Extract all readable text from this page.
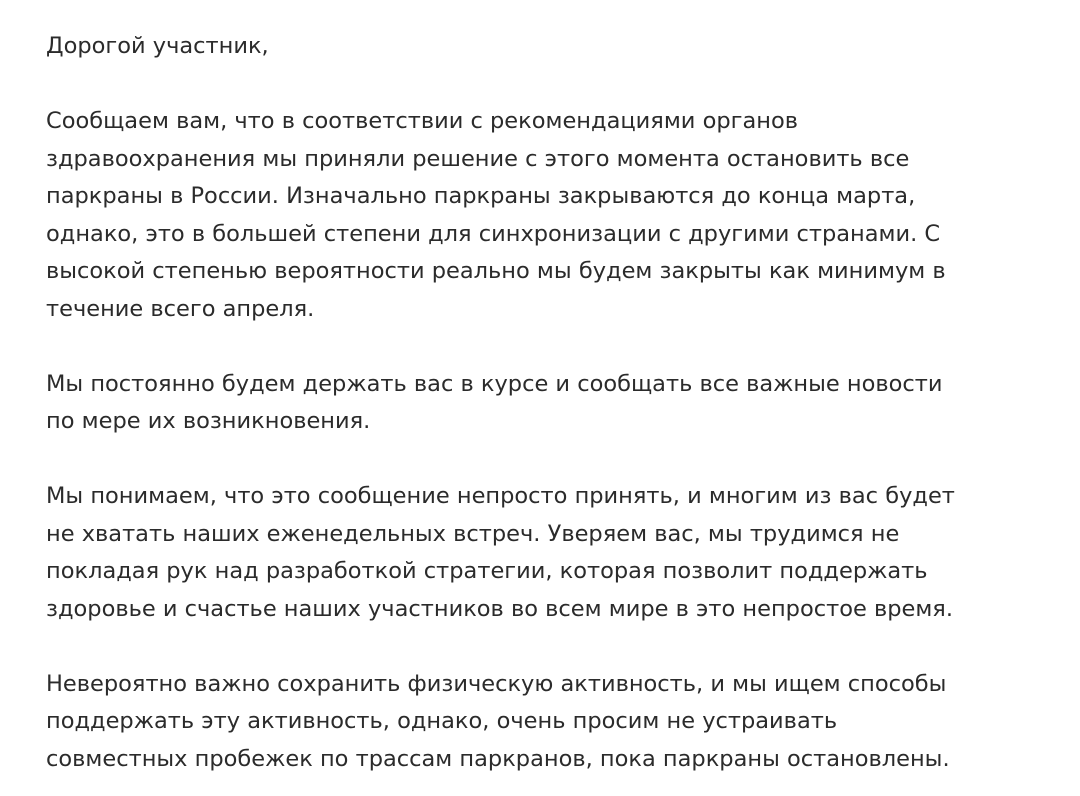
Дорогой участник,
Сообщаем вам, что в соответствии с рекомендациями органов
здравоохранения мы приняли решение с этого момента остановить все
паркраны в России. Изначально паркраны закрываются до конца марта,
однако, это в большей степени для синхронизации с другими странами. С
высокой степенью вероятности реально мы будем закрыты как минимум в
течение всего апреля.
Мы постоянно будем держать вас в курсе и сообщать все важные новости
по мере их возникновения.
Мы понимаем, что это сообщение непросто принять, и многим из вас будет
не хватать наших еженедельных встреч. Уверяем вас, мы трудимся не
покладая рук над разработкой стратегии, которая позволит поддержать
здоровье и счастье наших участников во всем мире в это непростое время.
Невероятно важно сохранить физическую активность, и мы ищем способы
поддержать эту активность, однако, очень просим не устраивать
совместных пробежек по трассам паркранов, пока паркраны остановлены.
